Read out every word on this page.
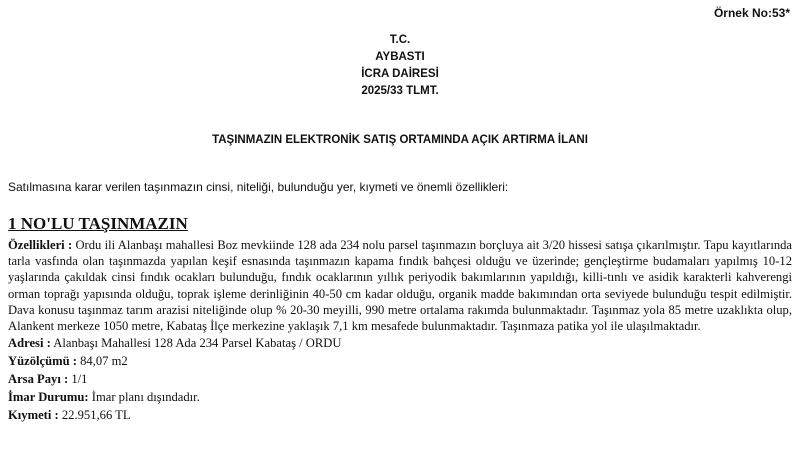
Örnek No:53*
T.C.
AYBASTI
İCRA DAİRESİ
2025/33 TLMT.
TAŞINMAZIN ELEKTRONİK SATIŞ ORTAMINDA AÇIK ARTIRMA İLANI
Satılmasına karar verilen taşınmazın cinsi, niteliği, bulunduğu yer, kıymeti ve önemli özellikleri:
1 NO'LU TAŞINMAZIN

Özellikleri : Ordu ili Alanbaşı mahallesi Boz mevkiinde 128 ada 234 nolu parsel taşınmazın borçluya ait 3/20 hissesi satışa çıkarılmıştır. Tapu kayıtlarında tarla vasfında olan taşınmazda yapılan keşif esnasında taşınmazın kapama fındık bahçesi olduğu ve üzerinde; gençleştirme budamaları yapılmış 10-12 yaşlarında çakıldak cinsi fındık ocakları bulunduğu, fındık ocaklarının yıllık periyodik bakımlarının yapıldığı, killi-tınlı ve asidik karakterli kahverengi orman toprağı yapısında olduğu, toprak işleme derinliğinin 40-50 cm kadar olduğu, organik madde bakımından orta seviyede bulunduğu tespit edilmiştir. Dava konusu taşınmaz tarım arazisi niteliğinde olup % 20-30 meyilli, 990 metre ortalama rakımda bulunmaktadır. Taşınmaz yola 85 metre uzaklıkta olup, Alankent merkeze 1050 metre, Kabataş İlçe merkezine yaklaşık 7,1 km mesafede bulunmaktadır. Taşınmaza patika yol ile ulaşılmaktadır.

Adresi : Alanbaşı Mahallesi 128 Ada 234 Parsel Kabataş / ORDU

Yüzölçümü : 84,07 m2

Arsa Payı : 1/1

İmar Durumu: İmar planı dışındadır.

Kıymeti : 22.951,66 TL
